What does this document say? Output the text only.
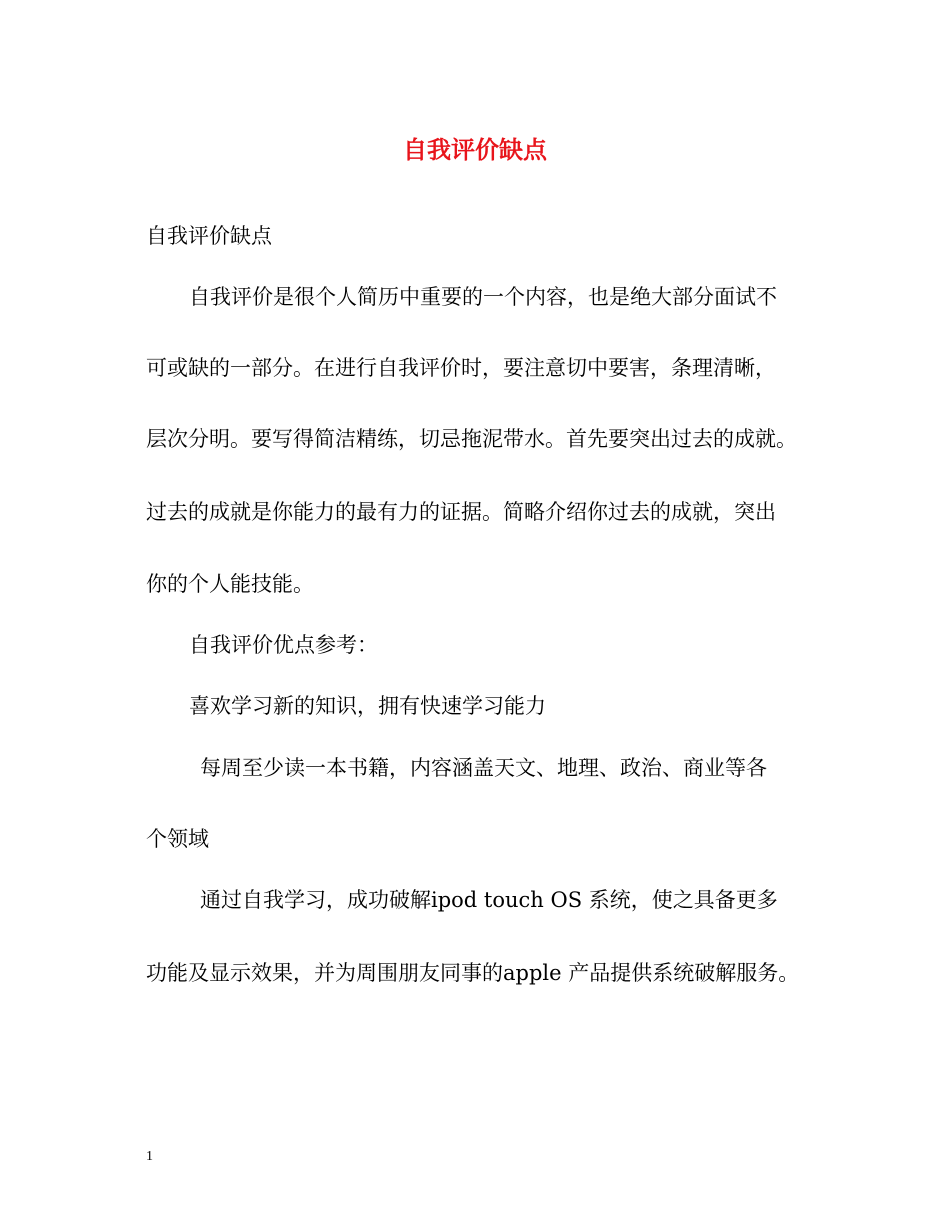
自我评价缺点
自我评价缺点
自我评价是很个人简历中重要的一个内容，也是绝大部分面试不
可或缺的一部分。在进行自我评价时，要注意切中要害，条理清晰，
层次分明。要写得简洁精练，切忌拖泥带水。首先要突出过去的成就。
过去的成就是你能力的最有力的证据。简略介绍你过去的成就，突出
你的个人能技能。
自我评价优点参考：
喜欢学习新的知识，拥有快速学习能力
每周至少读一本书籍，内容涵盖天文、地理、政治、商业等各
个领域
通过自我学习，成功破解ipod touch OS 系统，使之具备更多
功能及显示效果，并为周围朋友同事的apple 产品提供系统破解服务。
1
